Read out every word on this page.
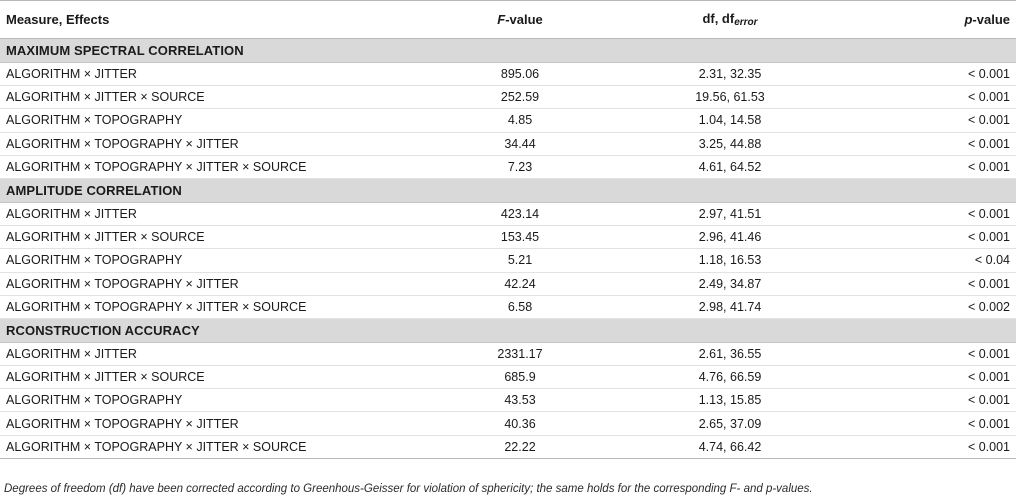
Measure, Effects	F-value	df, $df_{error}$	p-value
MAXIMUM SPECTRAL CORRELATION			
ALGORITHM × JITTER	895.06	2.31, 32.35	< 0.001
ALGORITHM × JITTER × SOURCE	252.59	19.56, 61.53	< 0.001
ALGORITHM × TOPOGRAPHY	4.85	1.04, 14.58	< 0.001
ALGORITHM × TOPOGRAPHY × JITTER	34.44	3.25, 44.88	< 0.001
ALGORITHM × TOPOGRAPHY × JITTER × SOURCE	7.23	4.61, 64.52	< 0.001
AMPLITUDE CORRELATION			
ALGORITHM × JITTER	423.14	2.97, 41.51	< 0.001
ALGORITHM × JITTER × SOURCE	153.45	2.96, 41.46	< 0.001
ALGORITHM × TOPOGRAPHY	5.21	1.18, 16.53	< 0.04
ALGORITHM × TOPOGRAPHY × JITTER	42.24	2.49, 34.87	< 0.001
ALGORITHM × TOPOGRAPHY × JITTER × SOURCE	6.58	2.98, 41.74	< 0.002
RCONSTRUCTION ACCURACY			
ALGORITHM × JITTER	2331.17	2.61, 36.55	< 0.001
ALGORITHM × JITTER × SOURCE	685.9	4.76, 66.59	< 0.001
ALGORITHM × TOPOGRAPHY	43.53	1.13, 15.85	< 0.001
ALGORITHM × TOPOGRAPHY × JITTER	40.36	2.65, 37.09	< 0.001
ALGORITHM × TOPOGRAPHY × JITTER × SOURCE	22.22	4.74, 66.42	< 0.001
Degrees of freedom (df) have been corrected according to Greenhous-Geisser for violation of sphericity; the same holds for the corresponding F- and p-values.
